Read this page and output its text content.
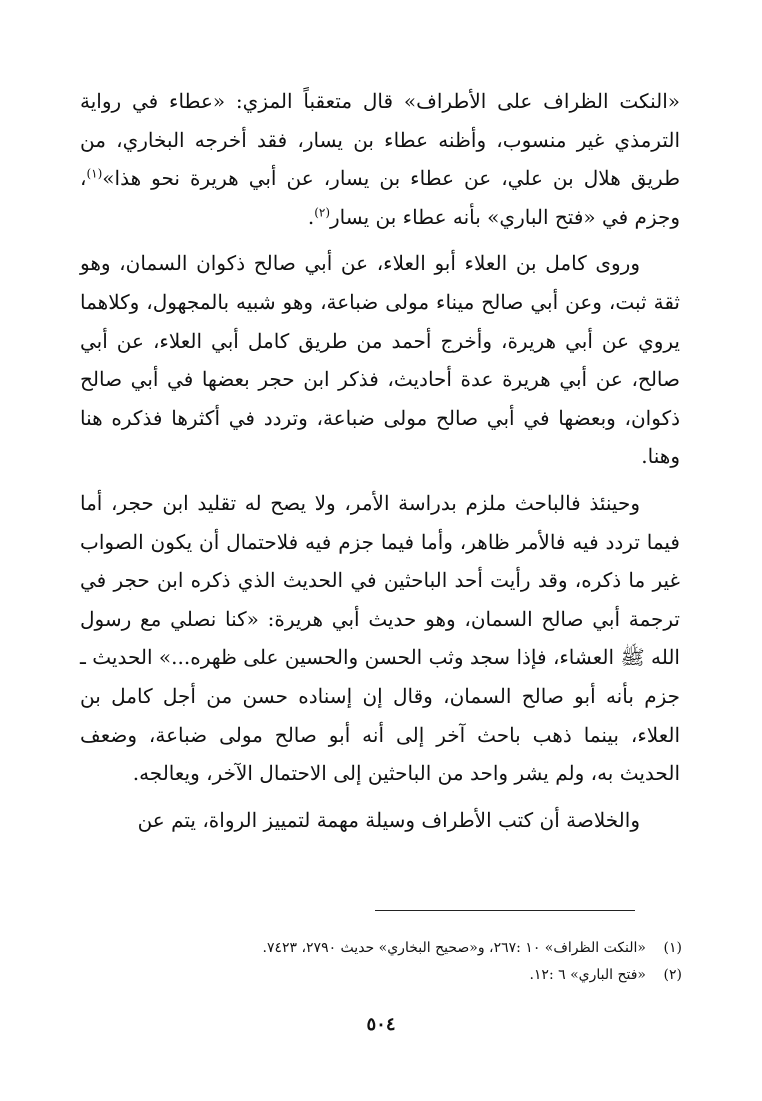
«النكت الظراف على الأطراف» قال متعقباً المزي: «عطاء في رواية الترمذي غير منسوب، وأظنه عطاء بن يسار، فقد أخرجه البخاري، من طريق هلال بن علي، عن عطاء بن يسار، عن أبي هريرة نحو هذا»$^{(١)}$، وجزم في «فتح الباري» بأنه عطاء بن يسار$^{(٢)}$.

وروى كامل بن العلاء أبو العلاء، عن أبي صالح ذكوان السمان، وهو ثقة ثبت، وعن أبي صالح ميناء مولى ضباعة، وهو شبيه بالمجهول، وكلاهما يروي عن أبي هريرة، وأخرج أحمد من طريق كامل أبي العلاء، عن أبي صالح، عن أبي هريرة عدة أحاديث، فذكر ابن حجر بعضها في أبي صالح ذكوان، وبعضها في أبي صالح مولى ضباعة، وتردد في أكثرها فذكره هنا وهنا.

وحينئذ فالباحث ملزم بدراسة الأمر، ولا يصح له تقليد ابن حجر، أما فيما تردد فيه فالأمر ظاهر، وأما فيما جزم فيه فلاحتمال أن يكون الصواب غير ما ذكره، وقد رأيت أحد الباحثين في الحديث الذي ذكره ابن حجر في ترجمة أبي صالح السمان، وهو حديث أبي هريرة: «كنا نصلي مع رسول الله ﷺ العشاء، فإذا سجد وثب الحسن والحسين على ظهره...» الحديث ـ جزم بأنه أبو صالح السمان، وقال إن إسناده حسن من أجل كامل بن العلاء، بينما ذهب باحث آخر إلى أنه أبو صالح مولى ضباعة، وضعف الحديث به، ولم يشر واحد من الباحثين إلى الاحتمال الآخر، ويعالجه.

والخلاصة أن كتب الأطراف وسيلة مهمة لتمييز الرواة، يتم عن

(١)
«النكت الظراف» ١٠ :٢٦٧، و«صحيح البخاري» حديث ٢٧٩٠، ٧٤٢٣.
(٢)
«فتح الباري» ٦ :١٢.
٥٠٤
